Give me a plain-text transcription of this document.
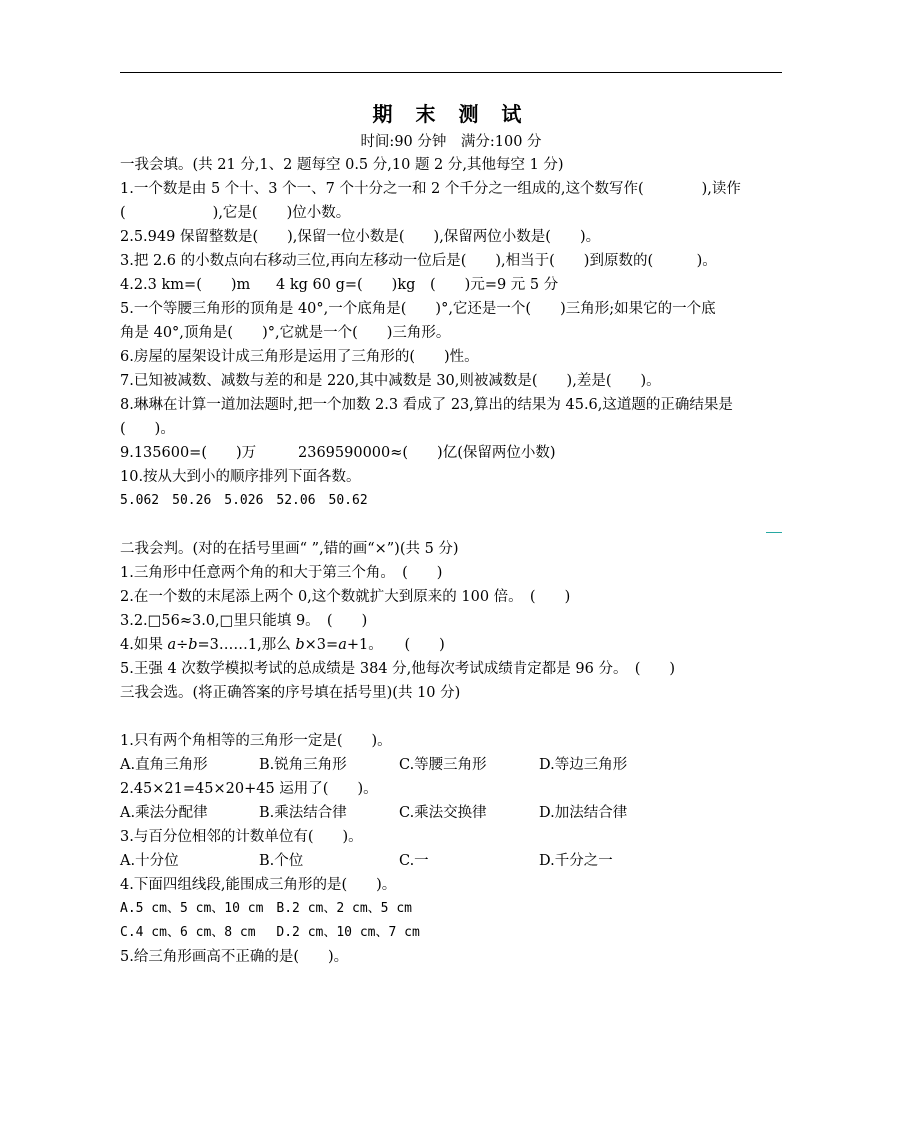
期 末 测 试
时间:90 分钟　满分:100 分
一我会填。(共 21 分,1、2 题每空 0.5 分,10 题 2 分,其他每空 1 分)
1.一个数是由 5 个十、3 个一、7 个十分之一和 2 个千分之一组成的,这个数写作(　　　　),读作
(　　　　　　),它是(　　)位小数。
2.5.949 保留整数是(　　),保留一位小数是(　　),保留两位小数是(　　)。
3.把 2.6 的小数点向右移动三位,再向左移动一位后是(　　),相当于(　　)到原数的(　　　)。
4.2.3 km=(　　)m 4 kg 60 g=(　　)kg (　　)元=9 元 5 分
5.一个等腰三角形的顶角是 40°,一个底角是(　　)°,它还是一个(　　)三角形;如果它的一个底
角是 40°,顶角是(　　)°,它就是一个(　　)三角形。
6.房屋的屋架设计成三角形是运用了三角形的(　　)性。
7.已知被减数、减数与差的和是 220,其中减数是 30,则被减数是(　　),差是(　　)。
8.琳琳在计算一道加法题时,把一个加数 2.3 看成了 23,算出的结果为 45.6,这道题的正确结果是
(　　)。
9.135600=(　　)万	2369590000≈(　　)亿(保留两位小数)
10.按从大到小的顺序排列下面各数。
5.062　50.26　5.026　52.06　50.62
二我会判。(对的在括号里画“ ”,错的画“×”)(共 5 分)
1.三角形中任意两个角的和大于第三个角。　(　　)
2.在一个数的末尾添上两个 0,这个数就扩大到原来的 100 倍。　(　　)
3.2.□56≈3.0,□里只能填 9。　(　　)
4.如果 a÷b=3……1,那么 b×3=a+1。　　(　　)
5.王强 4 次数学模拟考试的总成绩是 384 分,他每次考试成绩肯定都是 96 分。　(　　)
三我会选。(将正确答案的序号填在括号里)(共 10 分)
1.只有两个角相等的三角形一定是(　　)。
A.直角三角形	B.锐角三角形	C.等腰三角形	D.等边三角形
2.45×21=45×20+45 运用了(　　)。
A.乘法分配律	B.乘法结合律	C.乘法交换律	D.加法结合律
3.与百分位相邻的计数单位有(　　)。
A.十分位	B.个位	C.一	D.千分之一
4.下面四组线段,能围成三角形的是(　　)。
A.5 cm、5 cm、10 cm　B.2 cm、2 cm、5 cm
C.4 cm、6 cm、8 cm　 D.2 cm、10 cm、7 cm
5.给三角形画高不正确的是(　　)。
